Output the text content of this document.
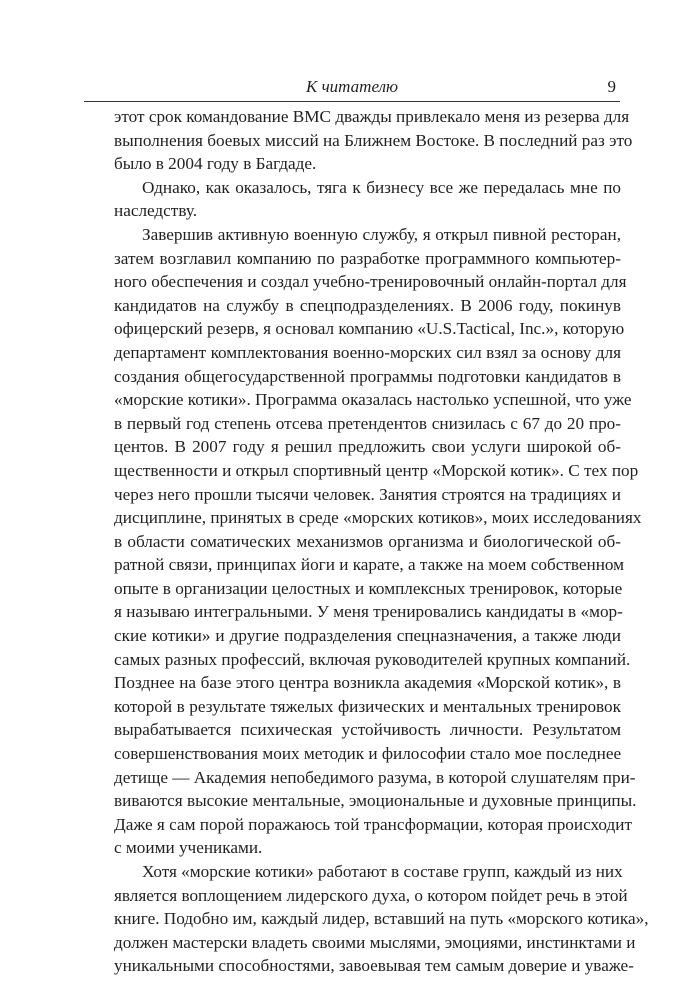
К читателю	9
этот срок командование ВМС дважды привлекало меня из резерва для
выполнения боевых миссий на Ближнем Востоке. В последний раз это
было в 2004 году в Багдаде.
Однако, как оказалось, тяга к бизнесу все же передалась мне по
наследству.
Завершив активную военную службу, я открыл пивной ресторан,
затем возглавил компанию по разработке программного компьютер-
ного обеспечения и создал учебно-тренировочный онлайн-портал для
кандидатов на службу в спецподразделениях. В 2006 году, покинув
офицерский резерв, я основал компанию «U.S.Tactical, Inc.», которую
департамент комплектования военно-морских сил взял за основу для
создания общегосударственной программы подготовки кандидатов в
«морские котики». Программа оказалась настолько успешной, что уже
в первый год степень отсева претендентов снизилась с 67 до 20 про-
центов. В 2007 году я решил предложить свои услуги широкой об-
щественности и открыл спортивный центр «Морской котик». С тех пор
через него прошли тысячи человек. Занятия строятся на традициях и
дисциплине, принятых в среде «морских котиков», моих исследованиях
в области соматических механизмов организма и биологической об-
ратной связи, принципах йоги и карате, а также на моем собственном
опыте в организации целостных и комплексных тренировок, которые
я называю интегральными. У меня тренировались кандидаты в «мор-
ские котики» и другие подразделения спецназначения, а также люди
самых разных профессий, включая руководителей крупных компаний.
Позднее на базе этого центра возникла академия «Морской котик», в
которой в результате тяжелых физических и ментальных тренировок
вырабатывается психическая устойчивость личности. Результатом
совершенствования моих методик и философии стало мое последнее
детище — Академия непобедимого разума, в которой слушателям при-
виваются высокие ментальные, эмоциональные и духовные принципы.
Даже я сам порой поражаюсь той трансформации, которая происходит
с моими учениками.
Хотя «морские котики» работают в составе групп, каждый из них
является воплощением лидерского духа, о котором пойдет речь в этой
книге. Подобно им, каждый лидер, вставший на путь «морского котика»,
должен мастерски владеть своими мыслями, эмоциями, инстинктами и
уникальными способностями, завоевывая тем самым доверие и уваже-
